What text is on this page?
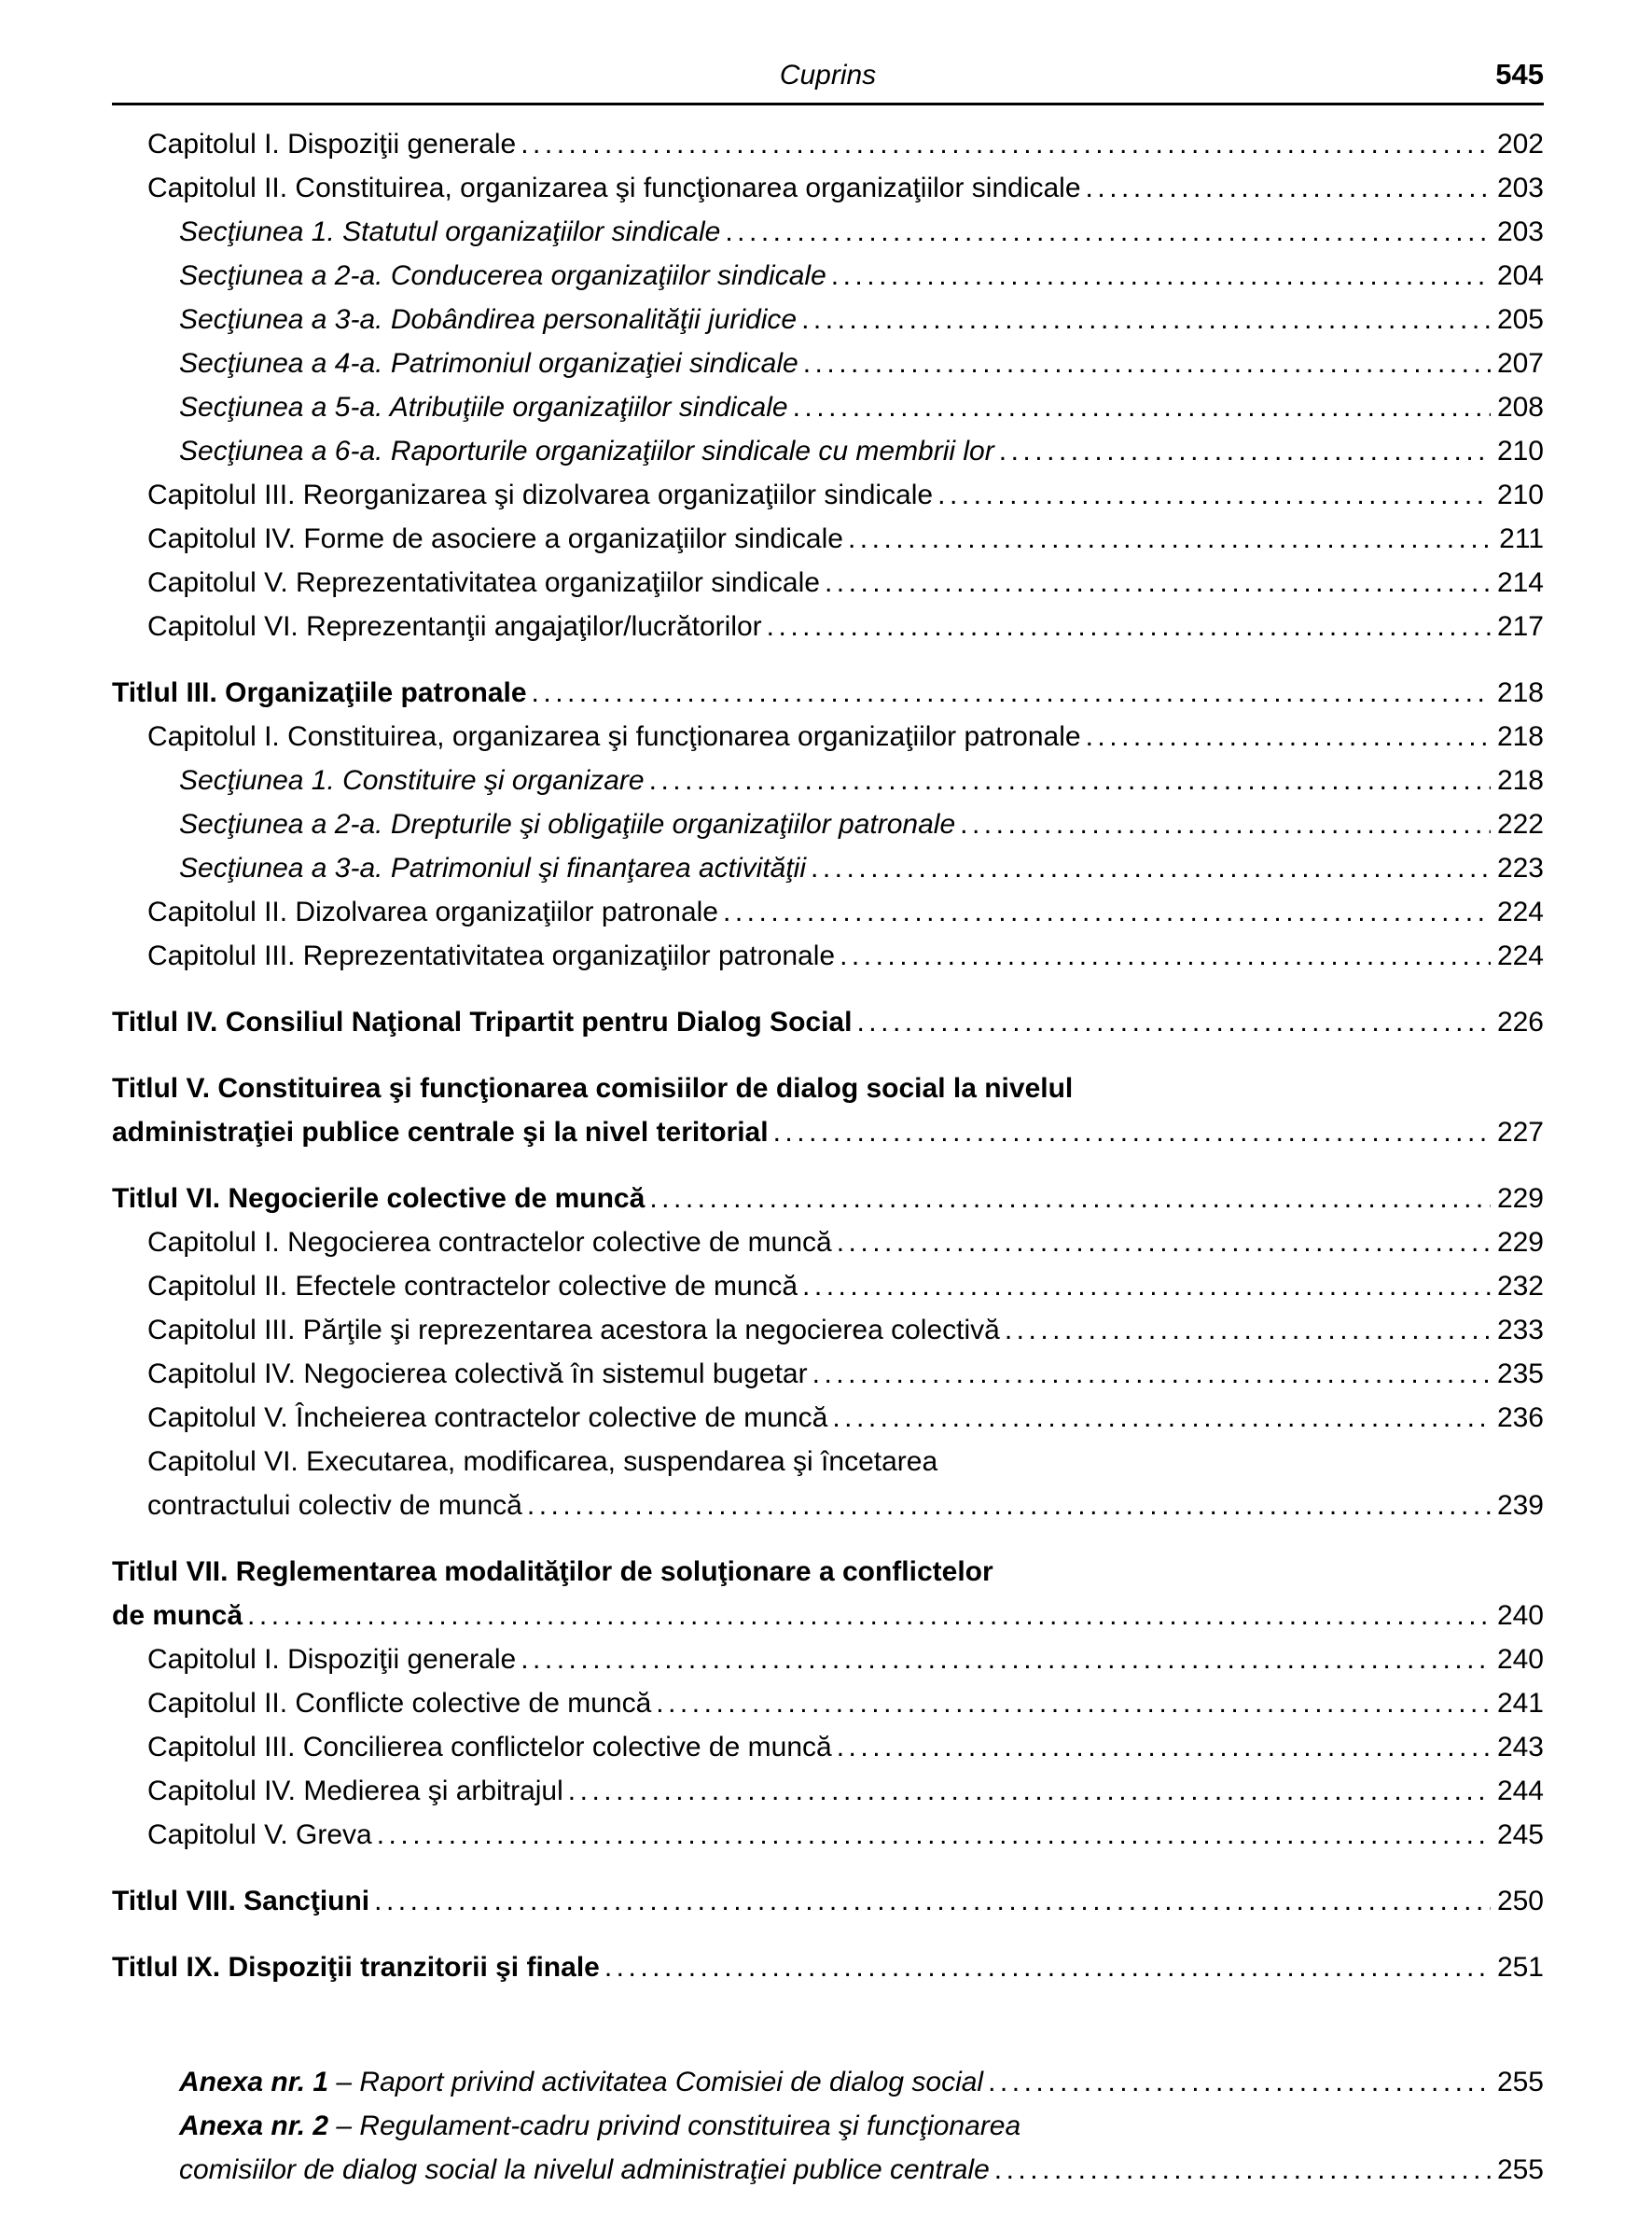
Cuprins	545
Capitolul I. Dispoziţii generale .....	202
Capitolul II. Constituirea, organizarea şi funcţionarea organizaţiilor sindicale .....	203
Secţiunea 1. Statutul organizaţiilor sindicale .....	203
Secţiunea a 2-a. Conducerea organizaţiilor sindicale .....	204
Secţiunea a 3-a. Dobândirea personalităţii juridice .....	205
Secţiunea a 4-a. Patrimoniul organizaţiei sindicale .....	207
Secţiunea a 5-a. Atribuţiile organizaţiilor sindicale .....	208
Secţiunea a 6-a. Raporturile organizaţiilor sindicale cu membrii lor .....	210
Capitolul III. Reorganizarea şi dizolvarea organizaţiilor sindicale .....	210
Capitolul IV. Forme de asociere a organizaţiilor sindicale .....	211
Capitolul V. Reprezentativitatea organizaţiilor sindicale .....	214
Capitolul VI. Reprezentanţii angajaţilor/lucrătorilor .....	217
Titlul III. Organizaţiile patronale .....	218
Capitolul I. Constituirea, organizarea şi funcţionarea organizaţiilor patronale .....	218
Secţiunea 1. Constituire şi organizare .....	218
Secţiunea a 2-a. Drepturile şi obligaţiile organizaţiilor patronale .....	222
Secţiunea a 3-a. Patrimoniul şi finanţarea activităţii .....	223
Capitolul II. Dizolvarea organizaţiilor patronale .....	224
Capitolul III. Reprezentativitatea organizaţiilor patronale .....	224
Titlul IV. Consiliul Naţional Tripartit pentru Dialog Social .....	226
Titlul V. Constituirea şi funcţionarea comisiilor de dialog social la nivelul
administraţiei publice centrale şi la nivel teritorial .....	227
Titlul VI. Negocierile colective de muncă .....	229
Capitolul I. Negocierea contractelor colective de muncă .....	229
Capitolul II. Efectele contractelor colective de muncă .....	232
Capitolul III. Părţile şi reprezentarea acestora la negocierea colectivă .....	233
Capitolul IV. Negocierea colectivă în sistemul bugetar .....	235
Capitolul V. Încheierea contractelor colective de muncă .....	236
Capitolul VI. Executarea, modificarea, suspendarea şi încetarea
contractului colectiv de muncă .....	239
Titlul VII. Reglementarea modalităţilor de soluţionare a conflictelor
de muncă .....	240
Capitolul I. Dispoziţii generale .....	240
Capitolul II. Conflicte colective de muncă .....	241
Capitolul III. Concilierea conflictelor colective de muncă .....	243
Capitolul IV. Medierea şi arbitrajul .....	244
Capitolul V. Greva .....	245
Titlul VIII. Sancţiuni .....	250
Titlul IX. Dispoziţii tranzitorii şi finale .....	251
Anexa nr. 1 – Raport privind activitatea Comisiei de dialog social .....	255
Anexa nr. 2 – Regulament-cadru privind constituirea şi funcţionarea
comisiilor de dialog social la nivelul administraţiei publice centrale .....	255
